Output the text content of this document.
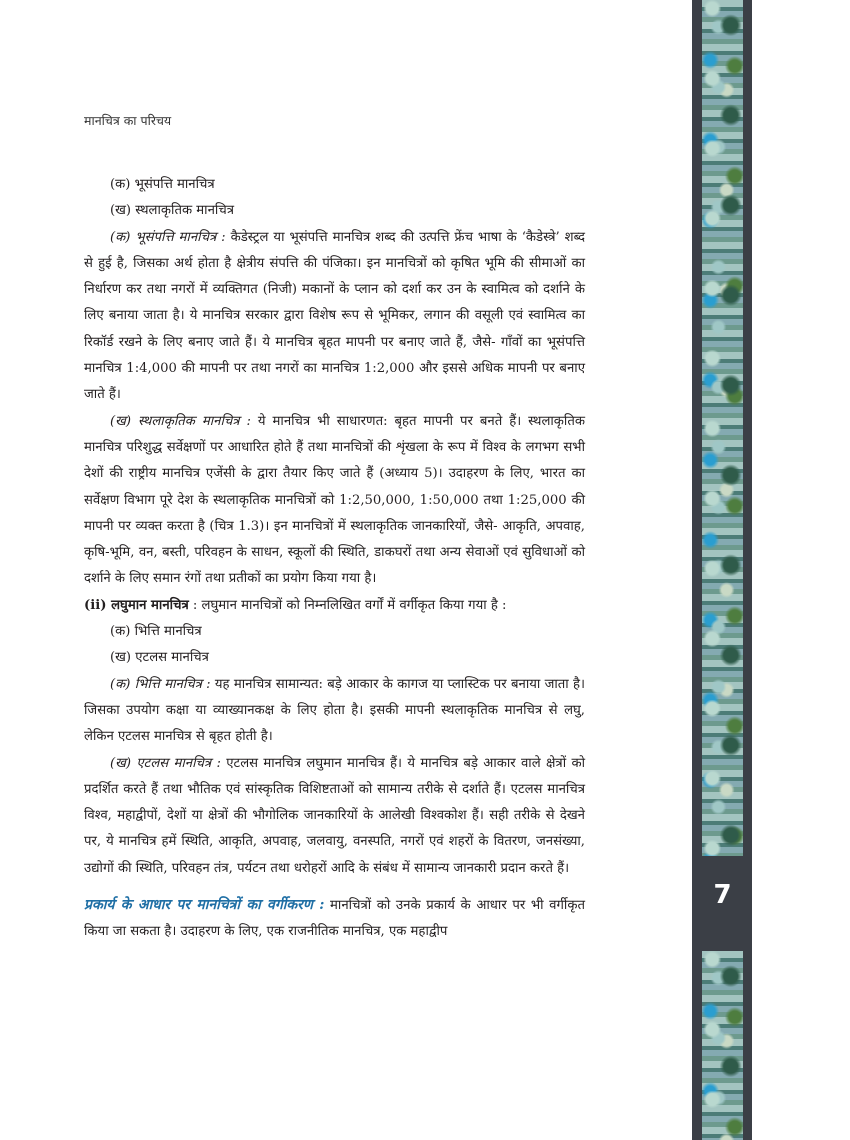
मानचित्र का परिचय

(क) भूसंपत्ति मानचित्र

(ख) स्थलाकृतिक मानचित्र

(क) भूसंपत्ति मानचित्र : कैडेस्ट्रल या भूसंपत्ति मानचित्र शब्द की उत्पत्ति फ्रेंच भाषा के ‘कैडेस्त्रे’ शब्द से हुई है, जिसका अर्थ होता है क्षेत्रीय संपत्ति की पंजिका। इन मानचित्रों को कृषित भूमि की सीमाओं का निर्धारण कर तथा नगरों में व्यक्तिगत (निजी) मकानों के प्लान को दर्शा कर उन के स्वामित्व को दर्शाने के लिए बनाया जाता है। ये मानचित्र सरकार द्वारा विशेष रूप से भूमिकर, लगान की वसूली एवं स्वामित्व का रिकॉर्ड रखने के लिए बनाए जाते हैं। ये मानचित्र बृहत मापनी पर बनाए जाते हैं, जैसे- गाँवों का भूसंपत्ति मानचित्र 1:4,000 की मापनी पर तथा नगरों का मानचित्र 1:2,000 और इससे अधिक मापनी पर बनाए जाते हैं।

(ख) स्थलाकृतिक मानचित्र : ये मानचित्र भी साधारणत: बृहत मापनी पर बनते हैं। स्थलाकृतिक मानचित्र परिशुद्ध सर्वेक्षणों पर आधारित होते हैं तथा मानचित्रों की शृंखला के रूप में विश्व के लगभग सभी देशों की राष्ट्रीय मानचित्र एजेंसी के द्वारा तैयार किए जाते हैं (अध्याय 5)। उदाहरण के लिए, भारत का सर्वेक्षण विभाग पूरे देश के स्थलाकृतिक मानचित्रों को 1:2,50,000, 1:50,000 तथा 1:25,000 की मापनी पर व्यक्त करता है (चित्र 1.3)। इन मानचित्रों में स्थलाकृतिक जानकारियों, जैसे- आकृति, अपवाह, कृषि-भूमि, वन, बस्ती, परिवहन के साधन, स्कूलों की स्थिति, डाकघरों तथा अन्य सेवाओं एवं सुविधाओं को दर्शाने के लिए समान रंगों तथा प्रतीकों का प्रयोग किया गया है।

(ii) लघुमान मानचित्र : लघुमान मानचित्रों को निम्नलिखित वर्गों में वर्गीकृत किया गया है :

(क) भित्ति मानचित्र

(ख) एटलस मानचित्र

(क) भित्ति मानचित्र : यह मानचित्र सामान्यत: बड़े आकार के कागज या प्लास्टिक पर बनाया जाता है। जिसका उपयोग कक्षा या व्याख्यानकक्ष के लिए होता है। इसकी मापनी स्थलाकृतिक मानचित्र से लघु, लेकिन एटलस मानचित्र से बृहत होती है।

(ख) एटलस मानचित्र : एटलस मानचित्र लघुमान मानचित्र हैं। ये मानचित्र बड़े आकार वाले क्षेत्रों को प्रदर्शित करते हैं तथा भौतिक एवं सांस्कृतिक विशिष्टताओं को सामान्य तरीके से दर्शाते हैं। एटलस मानचित्र विश्व, महाद्वीपों, देशों या क्षेत्रों की भौगोलिक जानकारियों के आलेखी विश्वकोश हैं। सही तरीके से देखने पर, ये मानचित्र हमें स्थिति, आकृति, अपवाह, जलवायु, वनस्पति, नगरों एवं शहरों के वितरण, जनसंख्या, उद्योगों की स्थिति, परिवहन तंत्र, पर्यटन तथा धरोहरों आदि के संबंध में सामान्य जानकारी प्रदान करते हैं।

प्रकार्य के आधार पर मानचित्रों का वर्गीकरण : मानचित्रों को उनके प्रकार्य के आधार पर भी वर्गीकृत किया जा सकता है। उदाहरण के लिए, एक राजनीतिक मानचित्र, एक महाद्वीप

7
